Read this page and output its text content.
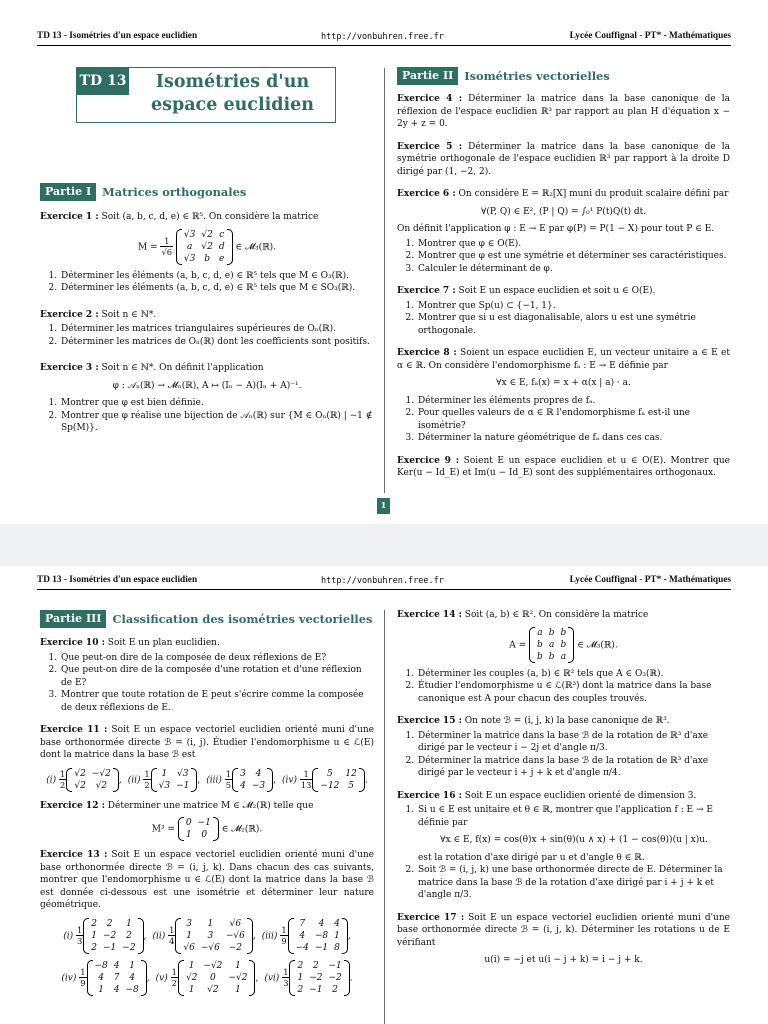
TD 13 - Isométries d'un espace euclidien	http://vonbuhren.free.fr	Lycée Couffignal - PT* - Mathématiques
TD 13	Isométries d'un espace euclidien
Partie I Matrices orthogonales

Exercice 1 : Soit (a, b, c, d, e) ∈ ℝ⁵. On considère la matrice

$M = \frac{1}{√6}$

√3	√2	c
a	√2	d
√3	b	e
∈ 𝓜₃(ℝ).
1. Déterminer les éléments (a, b, c, d, e) ∈ ℝ⁵ tels que M ∈ O₃(ℝ).
2. Déterminer les éléments (a, b, c, d, e) ∈ ℝ⁵ tels que M ∈ SO₃(ℝ).

Exercice 2 : Soit n ∈ ℕ*.

1. Déterminer les matrices triangulaires supérieures de Oₙ(ℝ).
2. Déterminer les matrices de Oₙ(ℝ) dont les coefficients sont positifs.

Exercice 3 : Soit n ∈ ℕ*. On définit l'application

φ : 𝒜ₙ(ℝ) → 𝓜ₙ(ℝ), A ↦ (Iₙ − A)(Iₙ + A)⁻¹.
1. Montrer que φ est bien définie.
2. Montrer que φ réalise une bijection de 𝒜ₙ(ℝ) sur {M ∈ Oₙ(ℝ) | −1 ∉ Sp(M)}.
Partie II Isométries vectorielles

Exercice 4 : Déterminer la matrice dans la base canonique de la réflexion de l'espace euclidien ℝ³ par rapport au plan H d'équation x − 2y + z = 0.

Exercice 5 : Déterminer la matrice dans la base canonique de la symétrie orthogonale de l'espace euclidien ℝ³ par rapport à la droite D dirigé par (1, −2, 2).

Exercice 6 : On considère E = ℝ₂[X] muni du produit scalaire défini par

∀(P, Q) ∈ E², (P | Q) = ∫₀¹ P(t)Q(t) dt.

On définit l'application φ : E → E par φ(P) = P(1 − X) pour tout P ∈ E.

1. Montrer que φ ∈ O(E).
2. Montrer que φ est une symétrie et déterminer ses caractéristiques.
3. Calculer le déterminant de φ.

Exercice 7 : Soit E un espace euclidien et soit u ∈ O(E).

1. Montrer que Sp(u) ⊂ {−1, 1}.
2. Montrer que si u est diagonalisable, alors u est une symétrie orthogonale.

Exercice 8 : Soient un espace euclidien E, un vecteur unitaire a ∈ E et α ∈ ℝ. On considère l'endomorphisme fₐ : E → E définie par

∀x ∈ E, fₐ(x) = x + α(x | a) · a.
1. Déterminer les éléments propres de fₐ.
2. Pour quelles valeurs de α ∈ ℝ l'endomorphisme fₐ est-il une isométrie?
3. Déterminer la nature géométrique de fₐ dans ces cas.

Exercice 9 : Soient E un espace euclidien et u ∈ O(E). Montrer que Ker(u − Id_E) et Im(u − Id_E) sont des supplémentaires orthogonaux.

1
TD 13 - Isométries d'un espace euclidien	http://vonbuhren.free.fr	Lycée Couffignal - PT* - Mathématiques
Partie III Classification des isométries vectorielles

Exercice 10 : Soit E un plan euclidien.

1. Que peut-on dire de la composée de deux réflexions de E?
2. Que peut-on dire de la composée d'une rotation et d'une réflexion de E?
3. Montrer que toute rotation de E peut s'écrire comme la composée de deux réflexions de E.

Exercice 11 : Soit E un espace vectoriel euclidien orienté muni d'une base orthonormée directe ℬ = (i, j). Étudier l'endomorphisme u ∈ ℒ(E) dont la matrice dans la base ℬ est

$(i) \frac{1}{2} √2$	−√2
√2	√2
, $(ii) \frac{1}{2} 1$	√3
√3	−1
, $(iii) \frac{1}{5} 3$	4
4	−3
, $(iv) \frac{1}{13} 5$	12
−12	5
.

Exercice 12 : Déterminer une matrice M ∈ 𝓜₂(ℝ) telle que

M³ =
0	−1
1	0
∈ 𝓜₂(ℝ).

Exercice 13 : Soit E un espace vectoriel euclidien orienté muni d'une base orthonormée directe ℬ = (i, j, k). Dans chacun des cas suivants, montrer que l'endomorphisme u ∈ ℒ(E) dont la matrice dans la base ℬ est donnée ci-dessous est une isométrie et déterminer leur nature géométrique.

$(i) \frac{1}{3}$
2	2	1
1	−2	2
2	−1	−2
, $(ii) \frac{1}{4}$
3	1	√6
1	3	−√6
√6	−√6	−2
, $(iii) \frac{1}{9}$
7	4	4
4	−8	1
−4	−1	8
,
$(iv) \frac{1}{9}$
−8	4	1
4	7	4
1	4	−8
, $(v) \frac{1}{2}$
1	−√2	1
√2	0	−√2
1	√2	1
, $(vi) \frac{1}{3}$
2	2	−1
1	−2	−2
2	−1	2
.

Exercice 14 : Soit (a, b) ∈ ℝ². On considère la matrice

A =
a	b	b
b	a	b
b	b	a
∈ 𝓜₃(ℝ).
1. Déterminer les couples (a, b) ∈ ℝ² tels que A ∈ O₃(ℝ).
2. Étudier l'endomorphisme u ∈ ℒ(ℝ³) dont la matrice dans la base canonique est A pour chacun des couples trouvés.

Exercice 15 : On note ℬ = (i, j, k) la base canonique de ℝ³.

1. Déterminer la matrice dans la base ℬ de la rotation de ℝ³ d'axe dirigé par le vecteur i − 2j et d'angle π/3.
2. Déterminer la matrice dans la base ℬ de la rotation de ℝ³ d'axe dirigé par le vecteur i + j + k et d'angle π/4.

Exercice 16 : Soit E un espace euclidien orienté de dimension 3.

1. Si u ∈ E est unitaire et θ ∈ ℝ, montrer que l'application f : E → E définie par
∀x ∈ E, f(x) = cos(θ)x + sin(θ)(u ∧ x) + (1 − cos(θ))(u | x)u.
est la rotation d'axe dirigé par u et d'angle θ ∈ ℝ.
2. Soit ℬ = (i, j, k) une base orthonormée directe de E. Déterminer la matrice dans la base ℬ de la rotation d'axe dirigé par i + j + k et d'angle π/3.

Exercice 17 : Soit E un espace vectoriel euclidien orienté muni d'une base orthonormée directe ℬ = (i, j, k). Déterminer les rotations u de E vérifiant

u(i) = −j et u(i − j + k) = i − j + k.
